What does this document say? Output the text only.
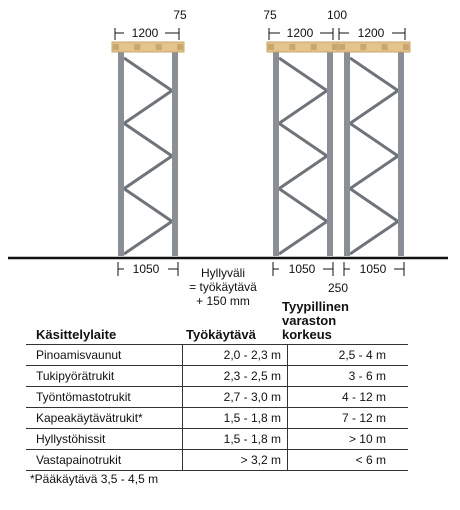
1200	1200	1200
75	75	100
1050	1050	1050
250
Hyllyväli
= työkäytävä
+ 150 mm
Käsittelylaite	Työkäytävä
Tyypillinen
varaston
korkeus
Pinoamisvaunut	2,0 - 2,3 m	2,5 - 4 m
Tukipyörätrukit	2,3 - 2,5 m	3 - 6 m
Työntömastotrukit	2,7 - 3,0 m	4 - 12 m
Kapeakäytävätrukit*	1,5 - 1,8 m	7 - 12 m
Hyllystöhissit	1,5 - 1,8 m	> 10 m
Vastapainotrukit	> 3,2 m	< 6 m
*Pääkäytävä 3,5 - 4,5 m
